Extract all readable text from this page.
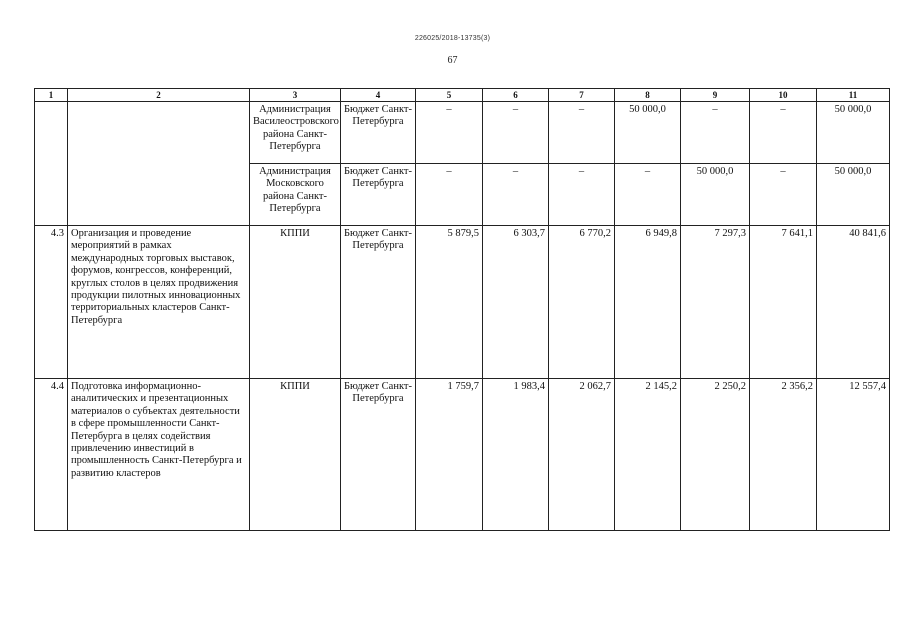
226025/2018-13735(3)
67
1	2	3	4	5	6	7	8	9	10	11
		Администрация Василеостровского района Санкт-Петербурга	Бюджет Санкт-Петербурга	–	–	–	50 000,0	–	–	50 000,0
		Администрация Московского района Санкт-Петербурга	Бюджет Санкт-Петербурга	–	–	–	–	50 000,0	–	50 000,0
4.3	Организация и проведение мероприятий в рамках международных торговых выставок, форумов, конгрессов, конференций, круглых столов в целях продвижения продукции пилотных инновационных территориальных кластеров Санкт-Петербурга	КППИ	Бюджет Санкт-Петербурга	5 879,5	6 303,7	6 770,2	6 949,8	7 297,3	7 641,1	40 841,6
4.4	Подготовка информационно-аналитических и презентационных материалов о субъектах деятельности в сфере промышленности Санкт-Петербурга в целях содействия привлечению инвестиций в промышленность Санкт-Петербурга и развитию кластеров	КППИ	Бюджет Санкт-Петербурга	1 759,7	1 983,4	2 062,7	2 145,2	2 250,2	2 356,2	12 557,4
